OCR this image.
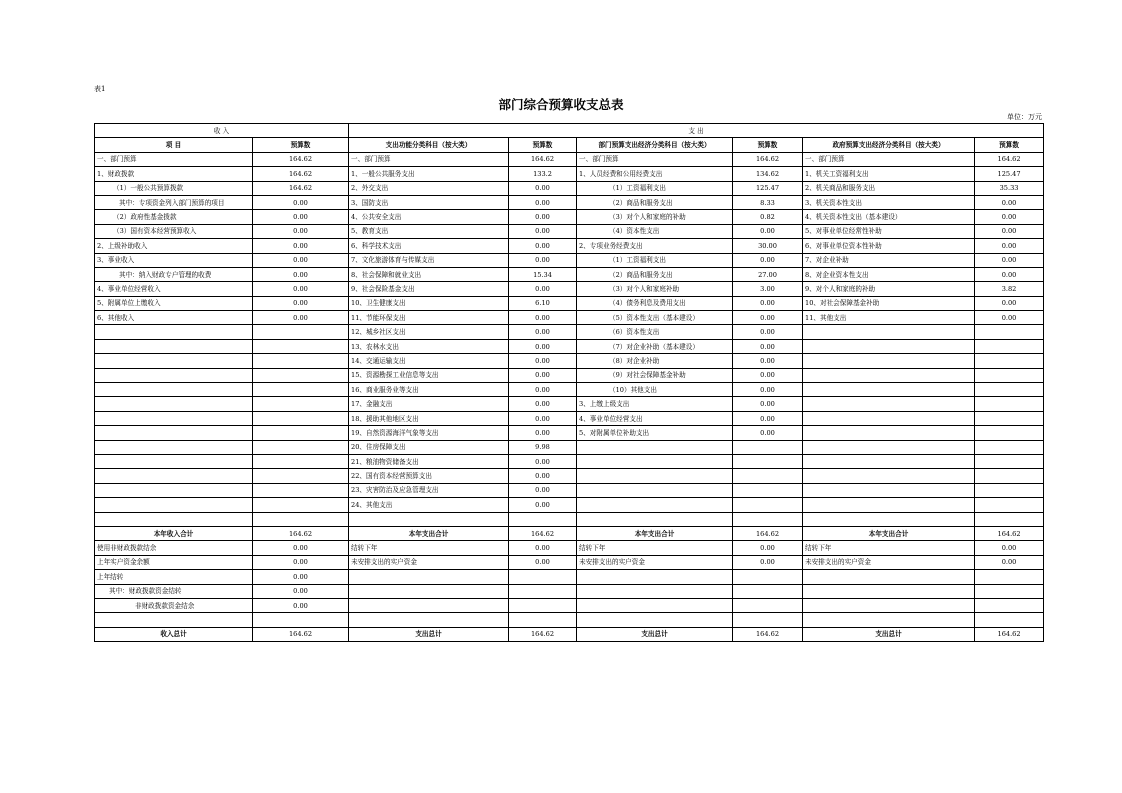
表1
部门综合预算收支总表
单位：万元
收 入		支 出					
项 目	预算数	支出功能分类科目（按大类）	预算数	部门预算支出经济分类科目（按大类）	预算数	政府预算支出经济分类科目（按大类）	预算数
一、部门预算	164.62	一、部门预算	164.62	一、部门预算	164.62	一、部门预算	164.62
1、财政拨款	164.62	1、一般公共服务支出	133.2	1、人员经费和公用经费支出	134.62	1、机关工资福利支出	125.47
（1）一般公共预算拨款	164.62	2、外交支出	0.00	（1）工资福利支出	125.47	2、机关商品和服务支出	35.33
其中：专项资金列入部门预算的项目	0.00	3、国防支出	0.00	（2）商品和服务支出	8.33	3、机关资本性支出	0.00
（2）政府性基金拨款	0.00	4、公共安全支出	0.00	（3）对个人和家庭的补助	0.82	4、机关资本性支出（基本建设）	0.00
（3）国有资本经营预算收入	0.00	5、教育支出	0.00	（4）资本性支出	0.00	5、对事业单位经常性补助	0.00
2、上级补助收入	0.00	6、科学技术支出	0.00	2、专项业务经费支出	30.00	6、对事业单位资本性补助	0.00
3、事业收入	0.00	7、文化旅游体育与传媒支出	0.00	（1）工资福利支出	0.00	7、对企业补助	0.00
其中：纳入财政专户管理的收费	0.00	8、社会保障和就业支出	15.34	（2）商品和服务支出	27.00	8、对企业资本性支出	0.00
4、事业单位经营收入	0.00	9、社会保险基金支出	0.00	（3）对个人和家庭补助	3.00	9、对个人和家庭的补助	3.82
5、附属单位上缴收入	0.00	10、卫生健康支出	6.10	（4）债务利息及费用支出	0.00	10、对社会保障基金补助	0.00
6、其他收入	0.00	11、节能环保支出	0.00	（5）资本性支出（基本建设）	0.00	11、其他支出	0.00
		12、城乡社区支出	0.00	（6）资本性支出	0.00		
		13、农林水支出	0.00	（7）对企业补助（基本建设）	0.00		
		14、交通运输支出	0.00	（8）对企业补助	0.00		
		15、资源勘探工业信息等支出	0.00	（9）对社会保障基金补助	0.00		
		16、商业服务业等支出	0.00	（10）其他支出	0.00		
		17、金融支出	0.00	3、上缴上级支出	0.00		
		18、援助其他地区支出	0.00	4、事业单位经营支出	0.00		
		19、自然资源海洋气象等支出	0.00	5、对附属单位补助支出	0.00		
		20、住房保障支出	9.98				
		21、粮油物资储备支出	0.00				
		22、国有资本经营预算支出	0.00				
		23、灾害防治及应急管理支出	0.00				
		24、其他支出	0.00				

本年收入合计	164.62	本年支出合计	164.62	本年支出合计	164.62	本年支出合计	164.62
使用非财政拨款结余	0.00	结转下年	0.00	结转下年	0.00	结转下年	0.00
上年实户资金余额	0.00	未安排支出的实户资金	0.00	未安排支出的实户资金	0.00	未安排支出的实户资金	0.00
上年结转	0.00						
其中：财政拨款资金结转	0.00						
非财政拨款资金结余	0.00						

收入总计	164.62	支出总计	164.62	支出总计	164.62	支出总计	164.62
